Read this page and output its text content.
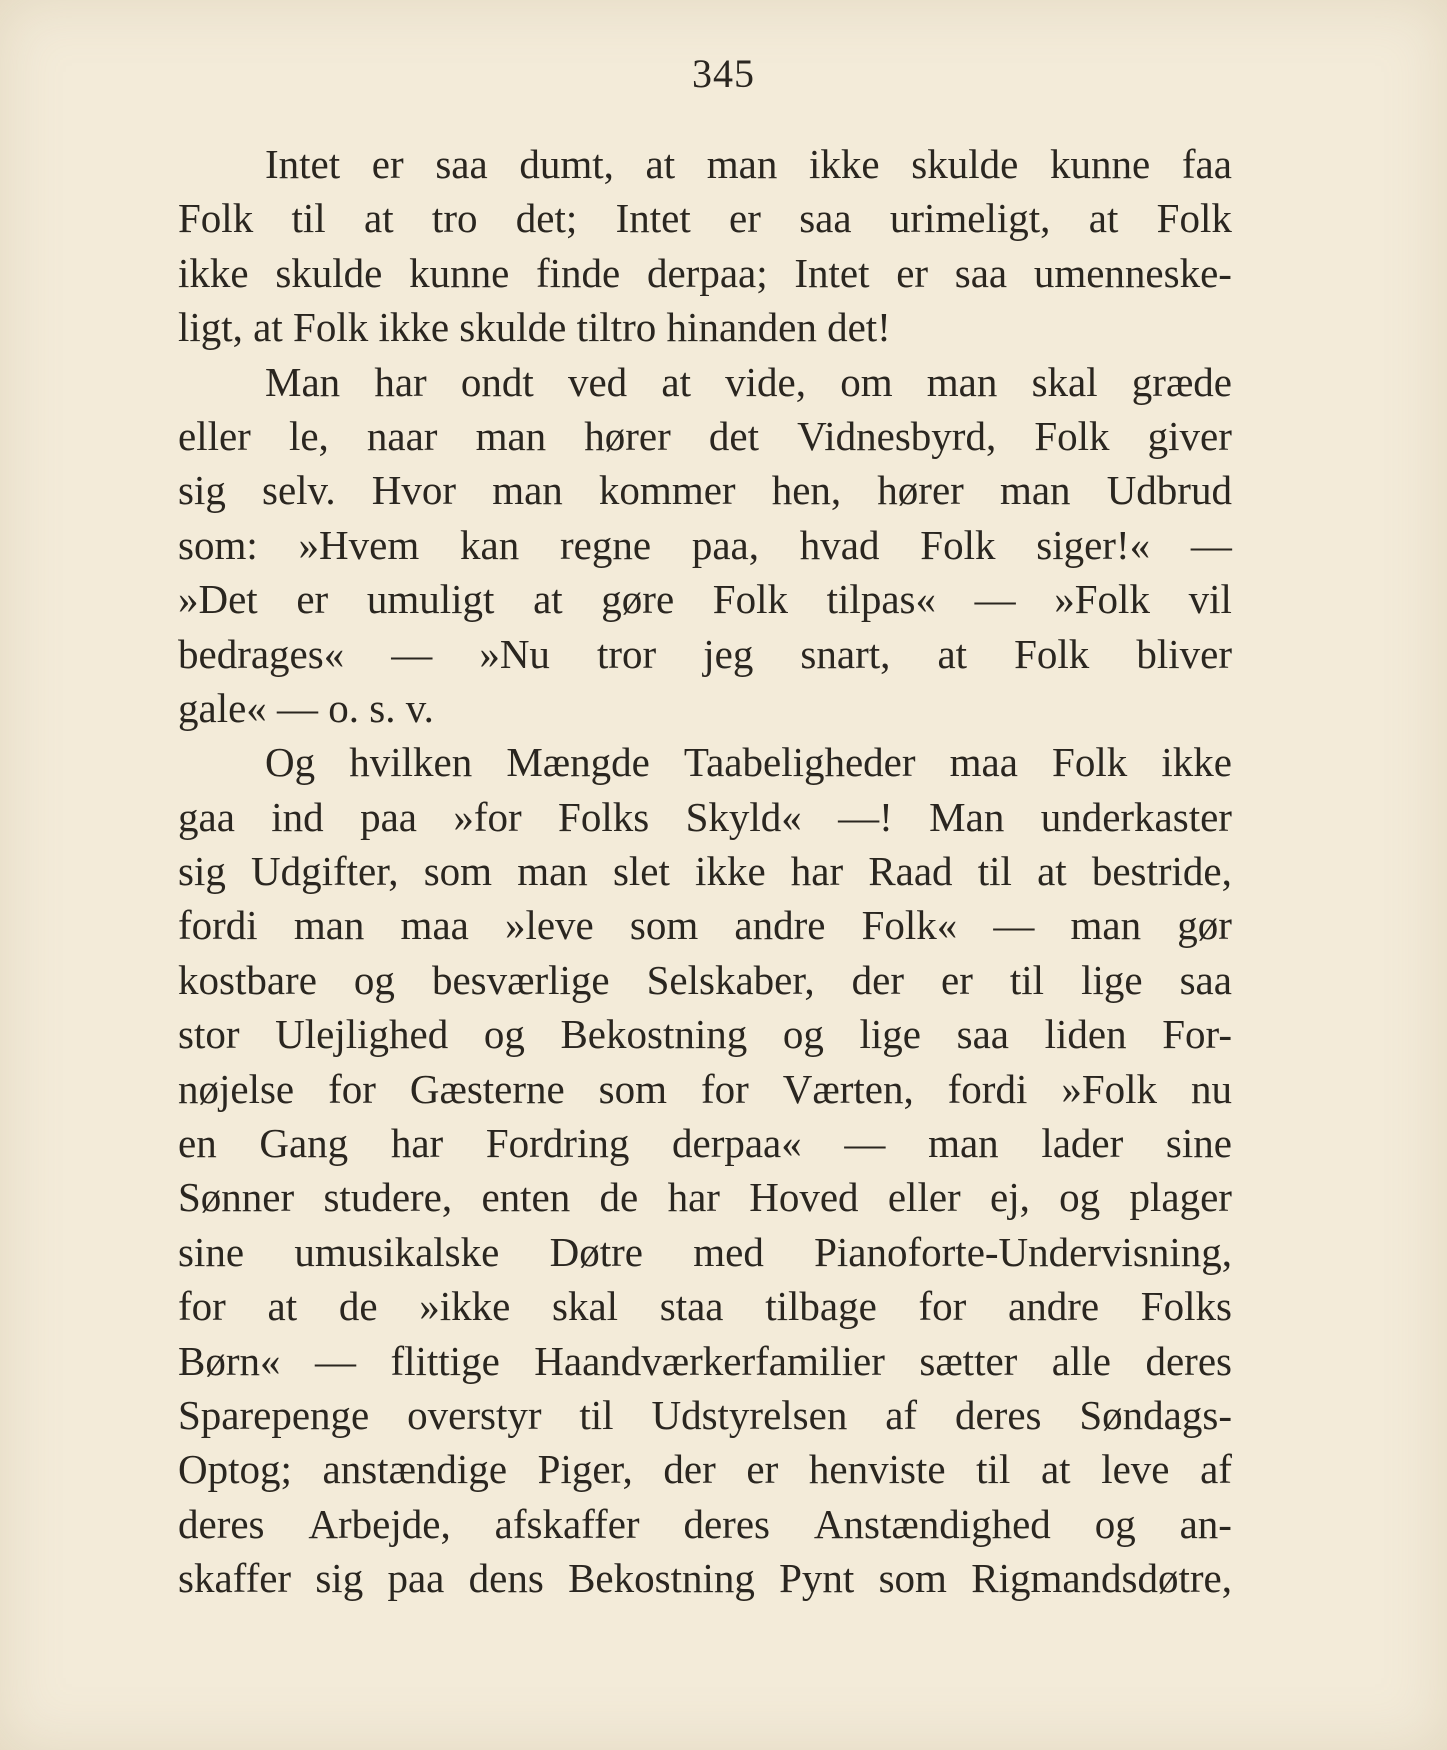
345
Intet er saa dumt, at man ikke skulde kunne faa
Folk til at tro det; Intet er saa urimeligt, at Folk
ikke skulde kunne finde derpaa; Intet er saa umenneske-
ligt, at Folk ikke skulde tiltro hinanden det!
Man har ondt ved at vide, om man skal græde
eller le, naar man hører det Vidnesbyrd, Folk giver
sig selv. Hvor man kommer hen, hører man Udbrud
som: »Hvem kan regne paa, hvad Folk siger!« —
»Det er umuligt at gøre Folk tilpas« — »Folk vil
bedrages« — »Nu tror jeg snart, at Folk bliver
gale« — o. s. v.
Og hvilken Mængde Taabeligheder maa Folk ikke
gaa ind paa »for Folks Skyld« —! Man underkaster
sig Udgifter, som man slet ikke har Raad til at bestride,
fordi man maa »leve som andre Folk« — man gør
kostbare og besværlige Selskaber, der er til lige saa
stor Ulejlighed og Bekostning og lige saa liden For-
nøjelse for Gæsterne som for Værten, fordi »Folk nu
en Gang har Fordring derpaa« — man lader sine
Sønner studere, enten de har Hoved eller ej, og plager
sine umusikalske Døtre med Pianoforte-Undervisning,
for at de »ikke skal staa tilbage for andre Folks
Børn« — flittige Haandværkerfamilier sætter alle deres
Sparepenge overstyr til Udstyrelsen af deres Søndags-
Optog; anstændige Piger, der er henviste til at leve af
deres Arbejde, afskaffer deres Anstændighed og an-
skaffer sig paa dens Bekostning Pynt som Rigmandsdøtre,
